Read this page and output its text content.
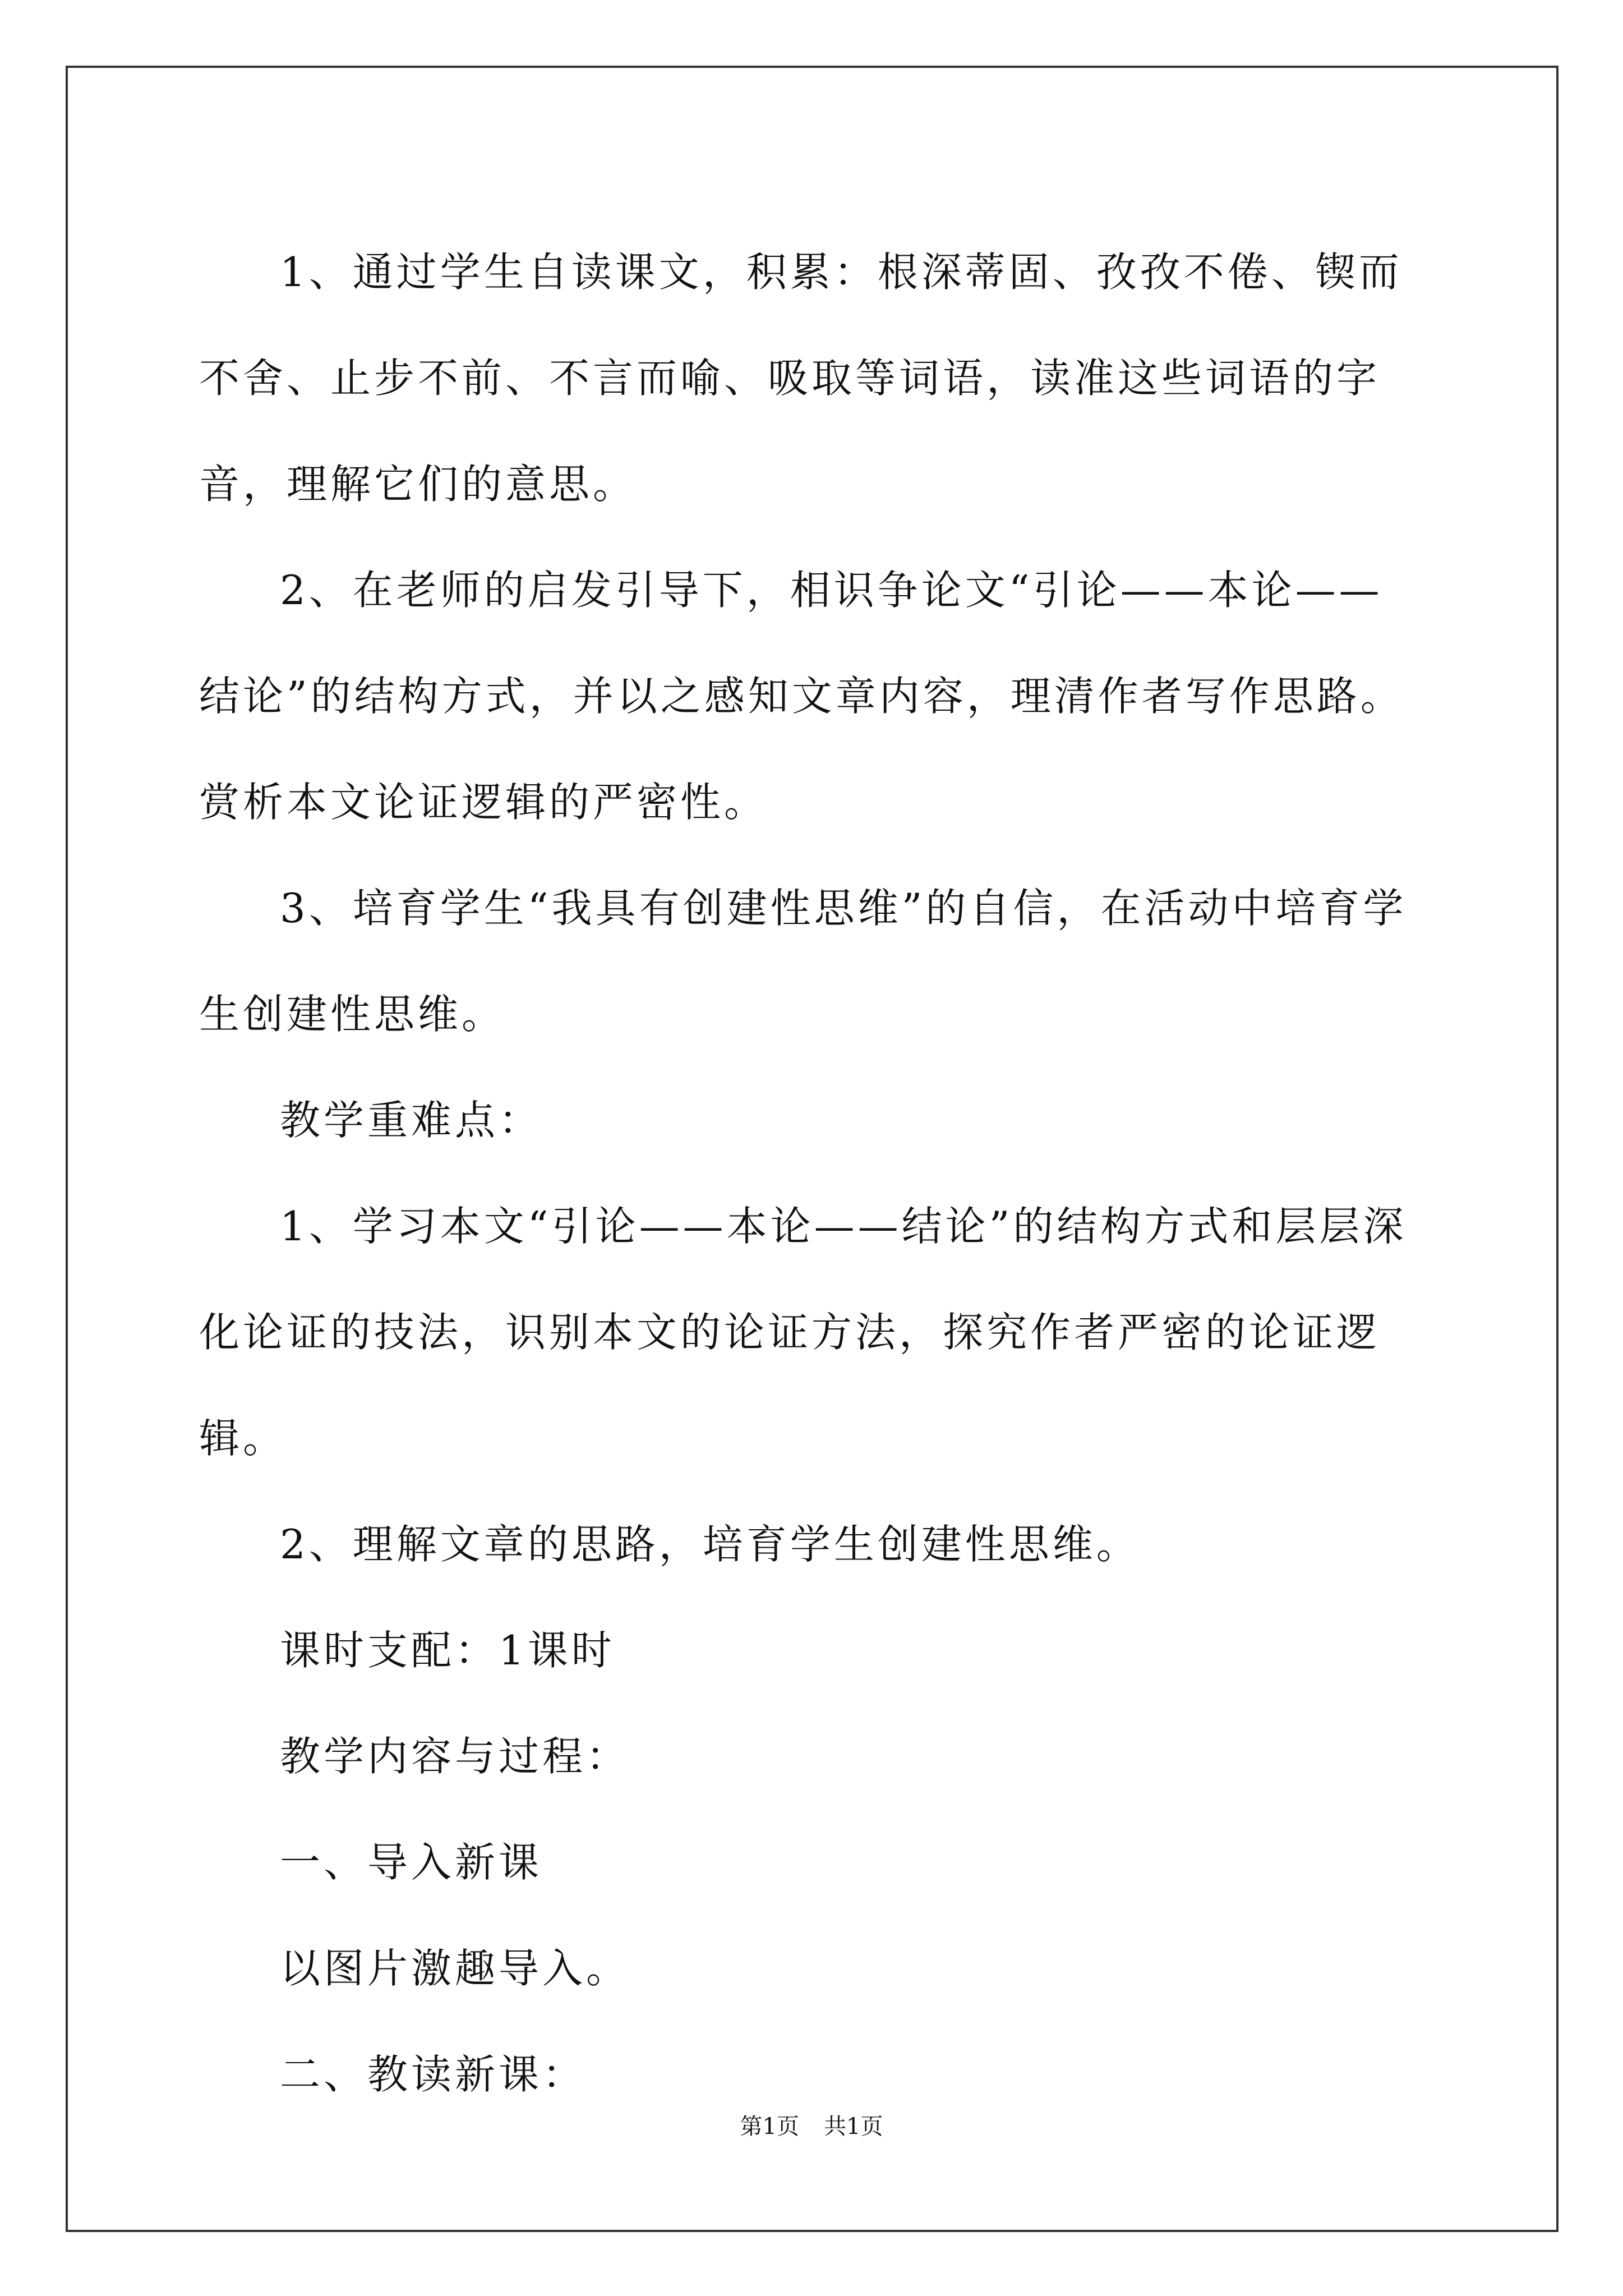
1、通过学生自读课文，积累：根深蒂固、孜孜不倦、锲而不舍、止步不前、不言而喻、吸取等词语，读准这些词语的字音，理解它们的意思。

2、在老师的启发引导下，相识争论文“引论——本论——结论”的结构方式，并以之感知文章内容，理清作者写作思路。赏析本文论证逻辑的严密性。

3、培育学生“我具有创建性思维”的自信，在活动中培育学生创建性思维。

教学重难点：

1、学习本文“引论——本论——结论”的结构方式和层层深化论证的技法，识别本文的论证方法，探究作者严密的论证逻辑。

2、理解文章的思路，培育学生创建性思维。

课时支配：1课时

教学内容与过程：

一、导入新课

以图片激趣导入。

二、教读新课：

第1页 共1页
